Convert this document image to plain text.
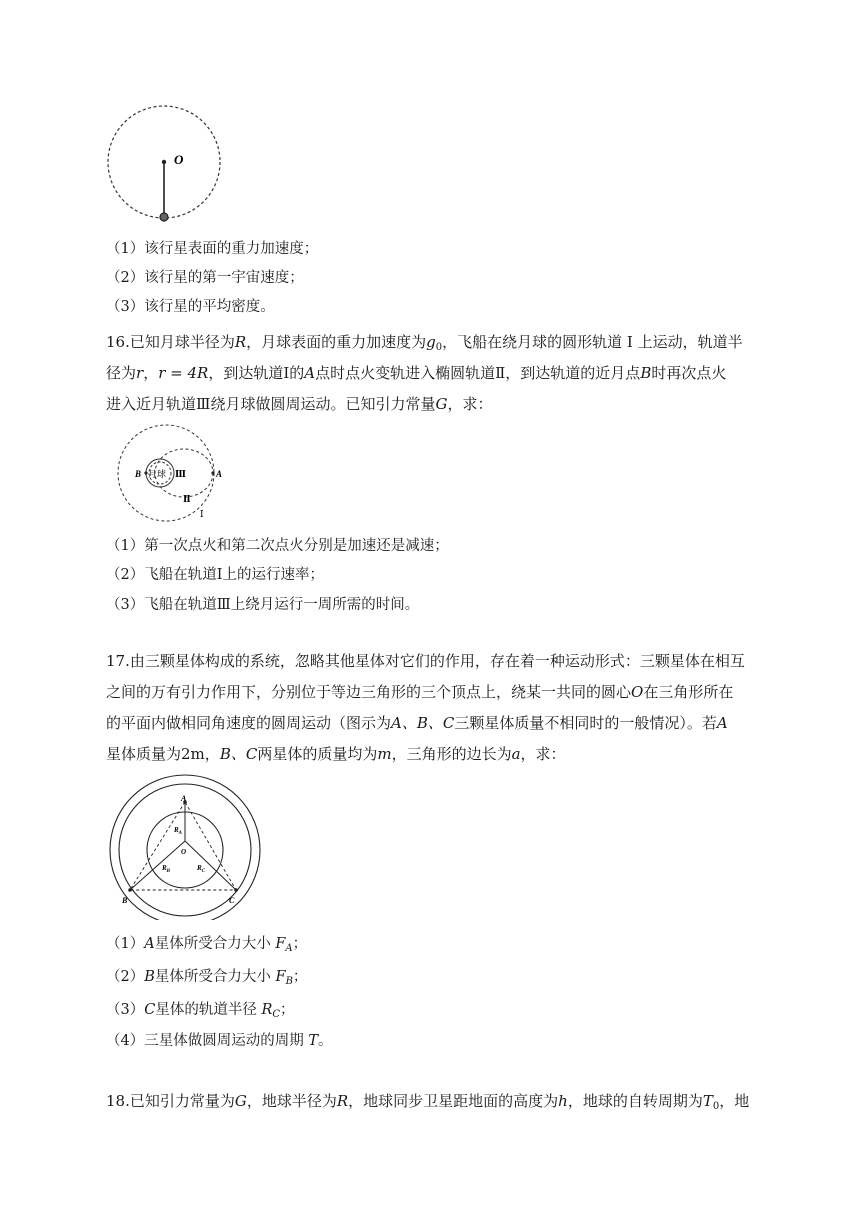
O
（1）该行星表面的重力加速度；
（2）该行星的第一宇宙速度；
（3）该行星的平均密度。

16.已知月球半径为R，月球表面的重力加速度为$g_0$，飞船在绕月球的圆形轨道 I 上运动，轨道半

径为r，r = 4R，到达轨道Ⅰ的A点时点火变轨进入椭圆轨道Ⅱ，到达轨道的近月点B时再次点火

进入近月轨道Ⅲ绕月球做圆周运动。已知引力常量G，求：

B 月球 Ⅲ	A
Ⅱ
Ⅰ
（1）第一次点火和第二次点火分别是加速还是减速；
（2）飞船在轨道Ⅰ上的运行速率；
（3）飞船在轨道Ⅲ上绕月运行一周所需的时间。

17.由三颗星体构成的系统，忽略其他星体对它们的作用，存在着一种运动形式：三颗星体在相互

之间的万有引力作用下，分别位于等边三角形的三个顶点上，绕某一共同的圆心O在三角形所在

的平面内做相同角速度的圆周运动（图示为A、B、C三颗星体质量不相同时的一般情况）。若A

星体质量为2m，B、C两星体的质量均为m，三角形的边长为a，求：

A
$R_A$
O
$R_B$	$R_C$
B	C
（1）A星体所受合力大小 $F_A$；
（2）B星体所受合力大小 $F_B$；
（3）C星体的轨道半径 $R_C$；
（4）三星体做圆周运动的周期 T。

18.已知引力常量为G，地球半径为R，地球同步卫星距地面的高度为h，地球的自转周期为$T_0$，地
